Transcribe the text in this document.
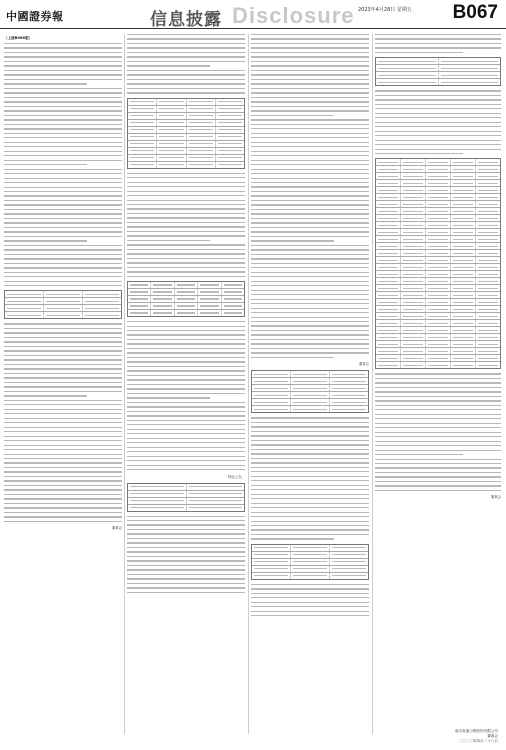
中國證券報	信息披露 Disclosure 2023年4月28日 星期五 B067
（上接B068版）
董事会
特此公告。
董事会
董事会
南京高速公路股份有限公司
董事会
二〇二三年四月二十八日
